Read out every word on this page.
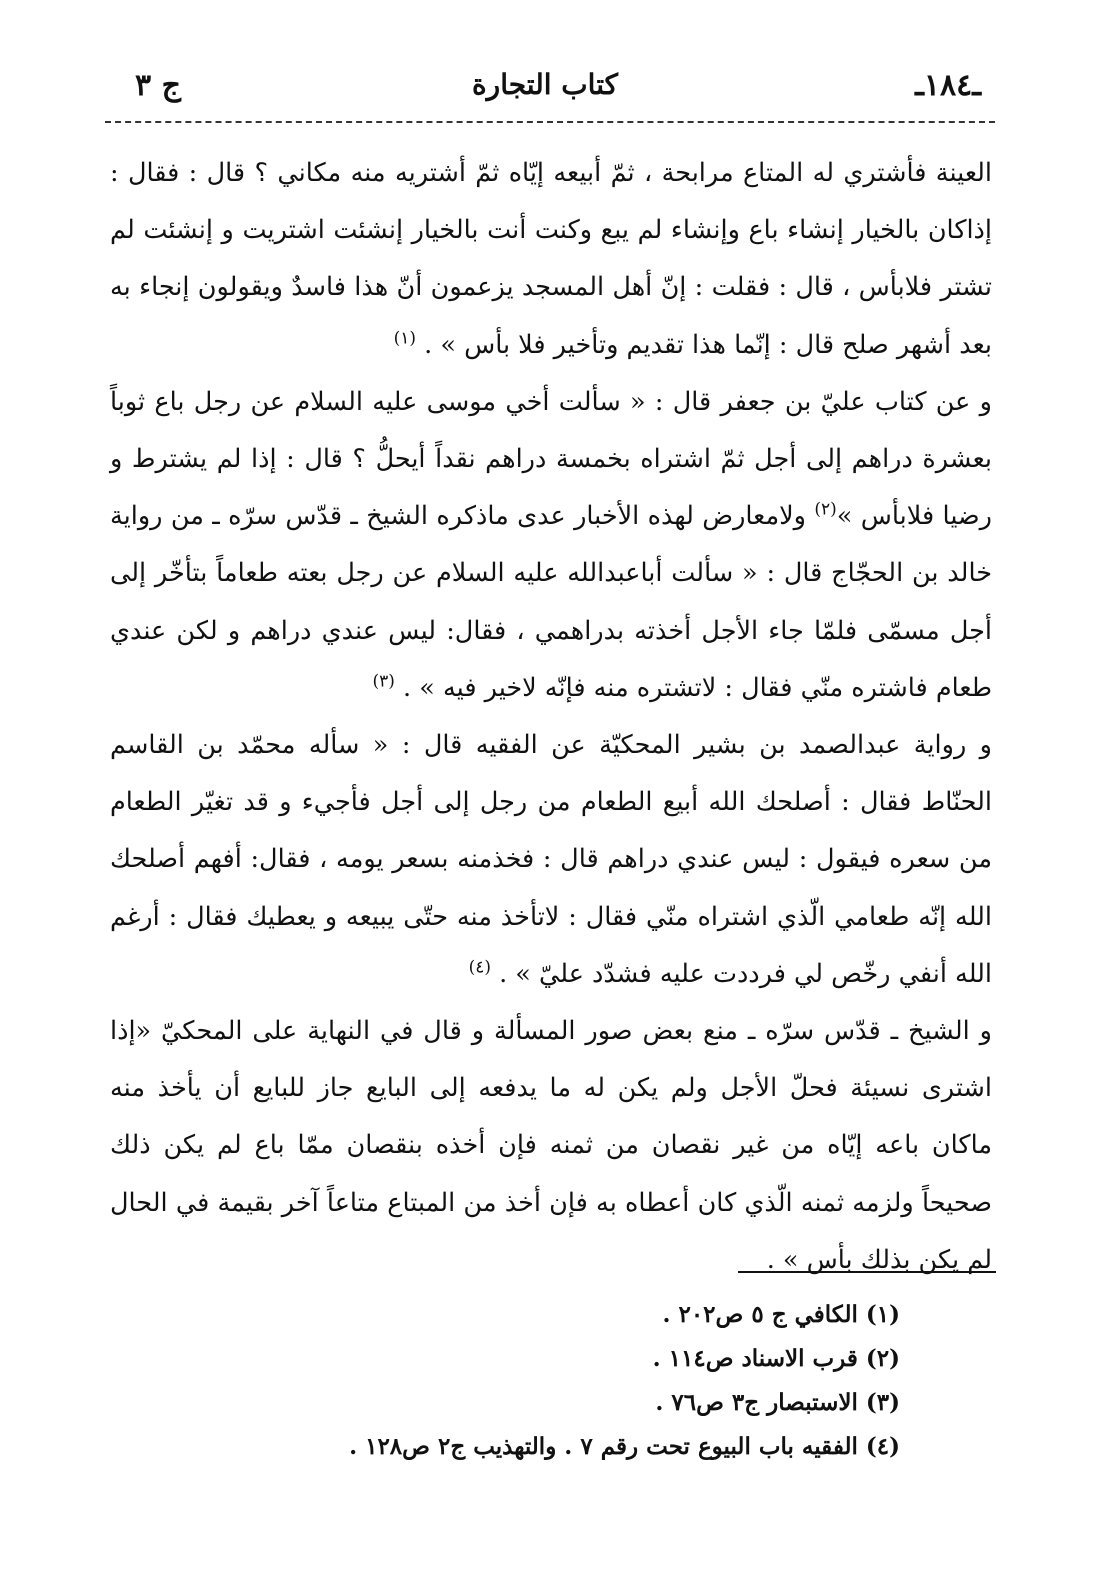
ـ١٨٤ـ
كتاب التجارة
ج ٣

العينة فأشتري له المتاع مرابحة ، ثمّ أبيعه إيّاه ثمّ أشتريه منه مكاني ؟ قال : فقال : إذاكان بالخيار إنشاء باع وإنشاء لم يبع وكنت أنت بالخيار إنشئت اشتريت و إنشئت لم تشتر فلابأس ، قال : فقلت : إنّ أهل المسجد يزعمون أنّ هذا فاسدٌ ويقولون إنجاء به بعد أشهر صلح قال : إنّما هذا تقديم وتأخير فلا بأس » . $^{(١)}$

و عن كتاب عليّ بن جعفر قال : « سألت أخي موسى عليه السلام عن رجل باع ثوباً بعشرة دراهم إلى أجل ثمّ اشتراه بخمسة دراهم نقداً أيحلُّ ؟ قال : إذا لم يشترط و رضيا فلابأس »$^{(٢)}$ ولامعارض لهذه الأخبار عدى ماذكره الشيخ ـ قدّس سرّه ـ من رواية خالد بن الحجّاج قال : « سألت أباعبدالله عليه السلام عن رجل بعته طعاماً بتأخّر إلى أجل مسمّى فلمّا جاء الأجل أخذته بدراهمي ، فقال: ليس عندي دراهم و لكن عندي طعام فاشتره منّي فقال : لاتشتره منه فإنّه لاخير فيه » . $^{(٣)}$

و رواية عبدالصمد بن بشير المحكيّة عن الفقيه قال : « سأله محمّد بن القاسم الحنّاط فقال : أصلحك الله أبيع الطعام من رجل إلى أجل فأجيء و قد تغيّر الطعام من سعره فيقول : ليس عندي دراهم قال : فخذمنه بسعر يومه ، فقال: أفهم أصلحك الله إنّه طعامي الّذي اشتراه منّي فقال : لاتأخذ منه حتّى يبيعه و يعطيك فقال : أرغم الله أنفي رخّص لي فرددت عليه فشدّد عليّ » . $^{(٤)}$

و الشيخ ـ قدّس سرّه ـ منع بعض صور المسألة و قال في النهاية على المحكيّ «إذا اشترى نسيئة فحلّ الأجل ولم يكن له ما يدفعه إلى البايع جاز للبايع أن يأخذ منه ماكان باعه إيّاه من غير نقصان من ثمنه فإن أخذه بنقصان ممّا باع لم يكن ذلك صحيحاً ولزمه ثمنه الّذي كان أعطاه به فإن أخذ من المبتاع متاعاً آخر بقيمة في الحال لم يكن بذلك بأس » .

(١) الكافي ج ٥ ص٢٠٢ .
(٢) قرب الاسناد ص١١٤ .
(٣) الاستبصار ج٣ ص٧٦ .
(٤) الفقيه باب البيوع تحت رقم ٧ . والتهذيب ج٢ ص١٢٨ .
